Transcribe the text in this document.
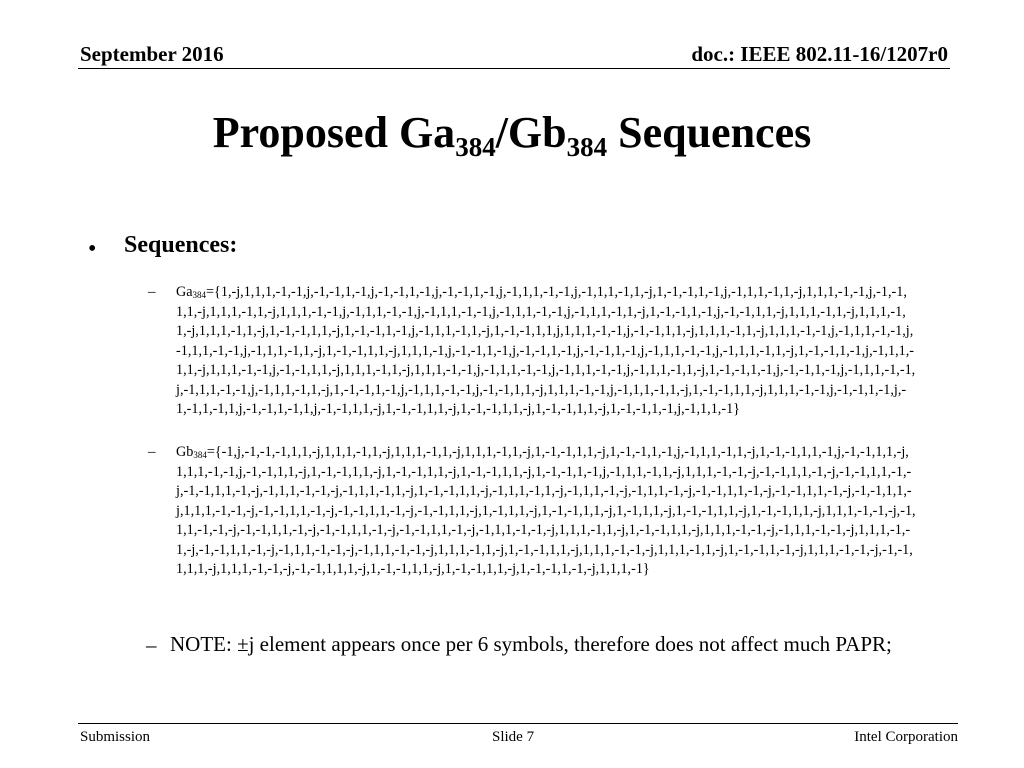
September 2016	doc.: IEEE 802.11-16/1207r0
Proposed $Ga_{384}/Gb_{384}$ Sequences
• Sequences:
– $Ga_{384}=\{1,-j,1,1,1,-1,-1,j,-1,-1,1,-1,j,-1,-1,1,-1,j,-1,-1,1,-1,j,-1,1,1,-1,-1,j,-1,1,1,-1,1,-j,1,-1,-1,1,-1,j,-1,1,1,-1,1$,-j,1,1,1,-1,-1,j,-1,-1,1,1,-j,1,1,1,-1,1,-j,1,1,1,-1,-1,j,-1,1,1,-1,-1,j,-1,1,1,-1,-1,j,-1,1,1,-1,-1,j,-1,1,1,-1,1,-j,1,-1,-1,1,-1,j,-1,-1,1,1,-j,1,1,1,-1,1,-j,1,1,1,-1,1,-j,1,1,1,-1,1,-j,1,-1,-1,1,1,-j,1,-1,-1,1,-1,j,-1,1,1,-1,1,-j,1,-1,-1,1,1,j,1,1,1,-1,-1,j,-1,-1,1,1,-j,1,1,1,-1,1,-j,1,1,1,-1,-1,j,-1,1,1,-1,-1,j,-1,1,1,-1,-1,j,-1,1,1,-1,1,-j,1,-1,-1,1,1,-j,1,1,1,-1,j,-1,-1,1,-1,j,-1,-1,1,-1,j,-1,-1,1,-1,j,-1,1,1,-1,-1,j,-1,1,1,-1,1,-j,1,-1,-1,1,-1,j,-1,1,1,-1,1,-j,1,1,1,-1,-1,j,-1,-1,1,1,-j,1,1,1,-1,1,-j,1,1,1,-1,-1,j,-1,1,1,-1,-1,j,-1,1,1,-1,-1,j,-1,1,1,-1,1,-j,1,-1,-1,1,-1,j,-1,-1,1,-1,j,-1,1,1,-1,-1,j,-1,1,1,-1,-1,j,-1,1,1,-1,1,-j,1,-1,-1,1,-1,j,-1,1,1,-1,-1,j,-1,-1,1,1,-j,1,1,1,-1,-1,j,-1,1,1,-1,1,-j,1,-1,-1,1,1,-j,1,1,1,-1,-1,j,-1,-1,1,-1,j,-1,-1,1,-1,1,j,-1,-1,1,-1,1,j,-1,-1,1,1,-j,1,-1,-1,1,1,-j,1,-1,-1,1,1,-j,1,-1,-1,1,1,-j,1,-1,-1,1,-1,j,-1,1,1,-1}
– $Gb_{384}=\{-1,j,-1,-1,-1,1,1,-j,1,1,1,-1,1,-j,1,1,1,-1,1,-j,1,1,1,-1,1,-j,1,-1,-1,1,1,-j,1,-1,-1,1,-1,j,-1,1,1,-1,1,-j,1,-1,-1$,1,1,-1,j,-1,-1,1,1,-j,1,1,1,-1,-1,j,-1,-1,1,1,-j,1,-1,-1,1,1,-j,1,-1,-1,1,1,-j,1,-1,-1,1,1,-j,1,-1,-1,1,-1,j,-1,1,1,-1,1,-j,1,1,1,-1,-1,-j,-1,-1,1,1,-1,-j,-1,-1,1,1,-1,-j,-1,-1,1,1,-1,-j,-1,1,1,-1,-1,-j,-1,1,1,-1,1,-j,1,-1,-1,1,1,-j,-1,1,1,-1,1,-j,-1,1,1,-1,-j,-1,1,1,-1,-j,-1,-1,1,1,-1,-j,-1,-1,1,1,-1,-j,-1,-1,1,1,-j,1,1,1,-1,-1,-j,-1,-1,1,1,-1,-j,-1,-1,1,1,-1,-j,-1,-1,1,1,-j,1,-1,1,1,-j,1,-1,-1,1,1,-j,1,-1,1,1,-j,1,-1,-1,1,1,-j,1,-1,-1,1,1,-j,1,1,1,-1,-1,-j,-1,1,1,-1,-1,-j,-1,-1,1,1,-1,-j,-1,-1,1,1,-1,-j,-1,-1,1,1,-1,-j,-1,1,1,-1,-1,-j,1,1,1,-1,1,-j,1,-1,-1,1,1,-j,1,1,1,-1,-1,-j,-1,1,1,-1,-1,-j,1,1,1,-1,-1,-j,-1,-1,1,1,-1,-j,-1,1,1,-1,-1,-j,-1,1,1,-1,-1,-j,1,1,1,-1,1,-j,1,-1,-1,1,1,-j,1,1,1,-1,-1,-j,1,1,1,-1,1,-j,1,-1,-1,1,-1,-j,1,1,1,-1,-1,-j,-1,-1,1,1,1,-j,1,1,1,-1,-1,-j,-1,-1,1,1,1,-j,1,-1,-1,1,1,-j,1,-1,-1,1,1,-j,1,-1,-1,1,-1,-j,1,1,1,-1}
– NOTE: ±j element appears once per 6 symbols, therefore does not affect much PAPR;
Submission	Slide 7	Intel Corporation
